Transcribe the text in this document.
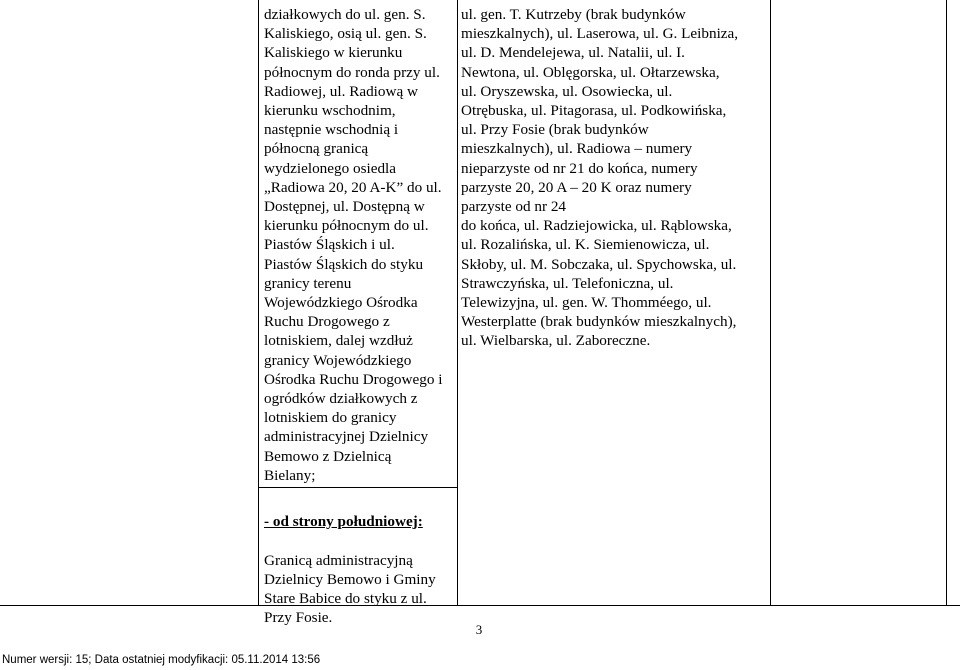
działkowych do ul. gen. S.
Kaliskiego, osią ul. gen. S.
Kaliskiego w kierunku
północnym do ronda przy ul.
Radiowej, ul. Radiową w
kierunku wschodnim,
następnie wschodnią i
północną granicą
wydzielonego osiedla
„Radiowa 20, 20 A-K” do ul.
Dostępnej, ul. Dostępną w
kierunku północnym do ul.
Piastów Śląskich i ul.
Piastów Śląskich do styku
granicy terenu
Wojewódzkiego Ośrodka
Ruchu Drogowego z
lotniskiem, dalej wzdłuż
granicy Wojewódzkiego
Ośrodka Ruchu Drogowego i
ogródków działkowych z
lotniskiem do granicy
administracyjnej Dzielnicy
Bemowo z Dzielnicą
Bielany;

- od strony południowej:

Granicą administracyjną
Dzielnicy Bemowo i Gminy
Stare Babice do styku z ul.
Przy Fosie.

ul. gen. T. Kutrzeby (brak budynków
mieszkalnych), ul. Laserowa, ul. G. Leibniza,
ul. D. Mendelejewa, ul. Natalii, ul. I.
Newtona, ul. Oblęgorska, ul. Ołtarzewska,
ul. Oryszewska, ul. Osowiecka, ul.
Otrębuska, ul. Pitagorasa, ul. Podkowińska,
ul. Przy Fosie (brak budynków
mieszkalnych), ul. Radiowa – numery
nieparzyste od nr 21 do końca, numery
parzyste 20, 20 A – 20 K oraz numery
parzyste od nr 24
do końca, ul. Radziejowicka, ul. Rąblowska,
ul. Rozalińska, ul. K. Siemienowicza, ul.
Skłoby, ul. M. Sobczaka, ul. Spychowska, ul.
Strawczyńska, ul. Telefoniczna, ul.
Telewizyjna, ul. gen. W. Thomméego, ul.
Westerplatte (brak budynków mieszkalnych),
ul. Wielbarska, ul. Zaboreczne.
3
Numer wersji: 15; Data ostatniej modyfikacji: 05.11.2014 13:56
